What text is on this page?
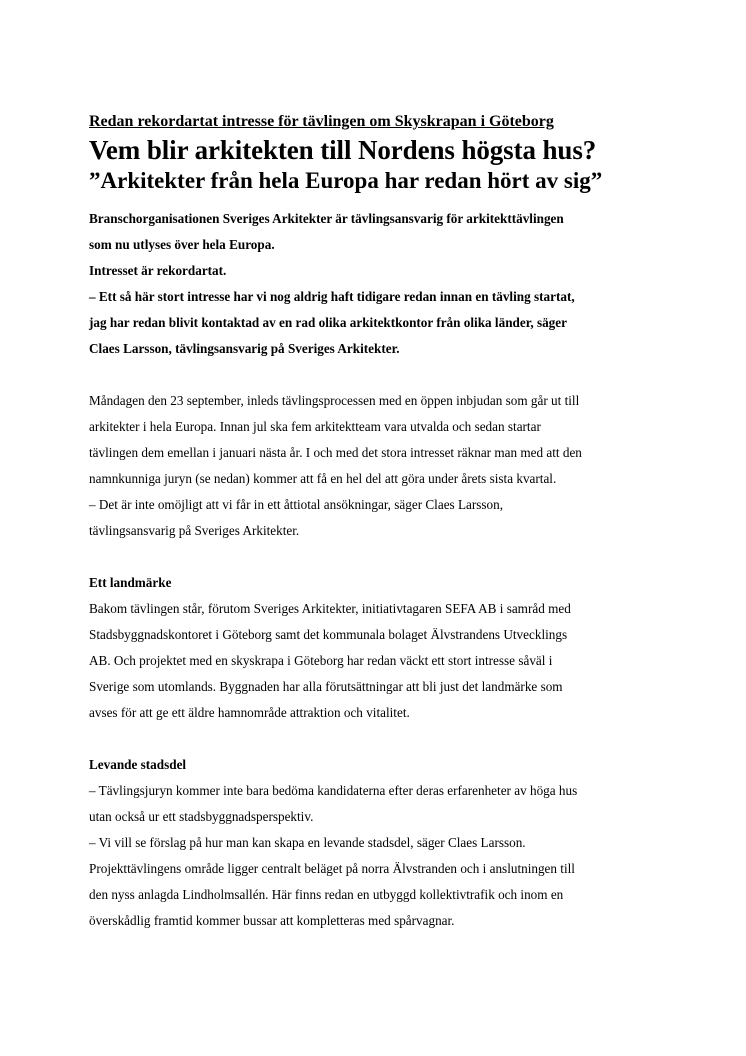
Redan rekordartat intresse för tävlingen om Skyskrapan i Göteborg

Vem blir arkitekten till Nordens högsta hus?
”Arkitekter från hela Europa har redan hört av sig”

Branschorganisationen Sveriges Arkitekter är tävlingsansvarig för arkitekttävlingen

som nu utlyses över hela Europa.

Intresset är rekordartat.

– Ett så här stort intresse har vi nog aldrig haft tidigare redan innan en tävling startat,

jag har redan blivit kontaktad av en rad olika arkitektkontor från olika länder, säger

Claes Larsson, tävlingsansvarig på Sveriges Arkitekter.

Måndagen den 23 september, inleds tävlingsprocessen med en öppen inbjudan som går ut till

arkitekter i hela Europa. Innan jul ska fem arkitektteam vara utvalda och sedan startar

tävlingen dem emellan i januari nästa år. I och med det stora intresset räknar man med att den

namnkunniga juryn (se nedan) kommer att få en hel del att göra under årets sista kvartal.

– Det är inte omöjligt att vi får in ett åttiotal ansökningar, säger Claes Larsson,

tävlingsansvarig på Sveriges Arkitekter.

Ett landmärke

Bakom tävlingen står, förutom Sveriges Arkitekter, initiativtagaren SEFA AB i samråd med

Stadsbyggnadskontoret i Göteborg samt det kommunala bolaget Älvstrandens Utvecklings

AB. Och projektet med en skyskrapa i Göteborg har redan väckt ett stort intresse såväl i

Sverige som utomlands. Byggnaden har alla förutsättningar att bli just det landmärke som

avses för att ge ett äldre hamnområde attraktion och vitalitet.

Levande stadsdel

– Tävlingsjuryn kommer inte bara bedöma kandidaterna efter deras erfarenheter av höga hus

utan också ur ett stadsbyggnadsperspektiv.

– Vi vill se förslag på hur man kan skapa en levande stadsdel, säger Claes Larsson.

Projekttävlingens område ligger centralt beläget på norra Älvstranden och i anslutningen till

den nyss anlagda Lindholmsallén. Här finns redan en utbyggd kollektivtrafik och inom en

överskådlig framtid kommer bussar att kompletteras med spårvagnar.
